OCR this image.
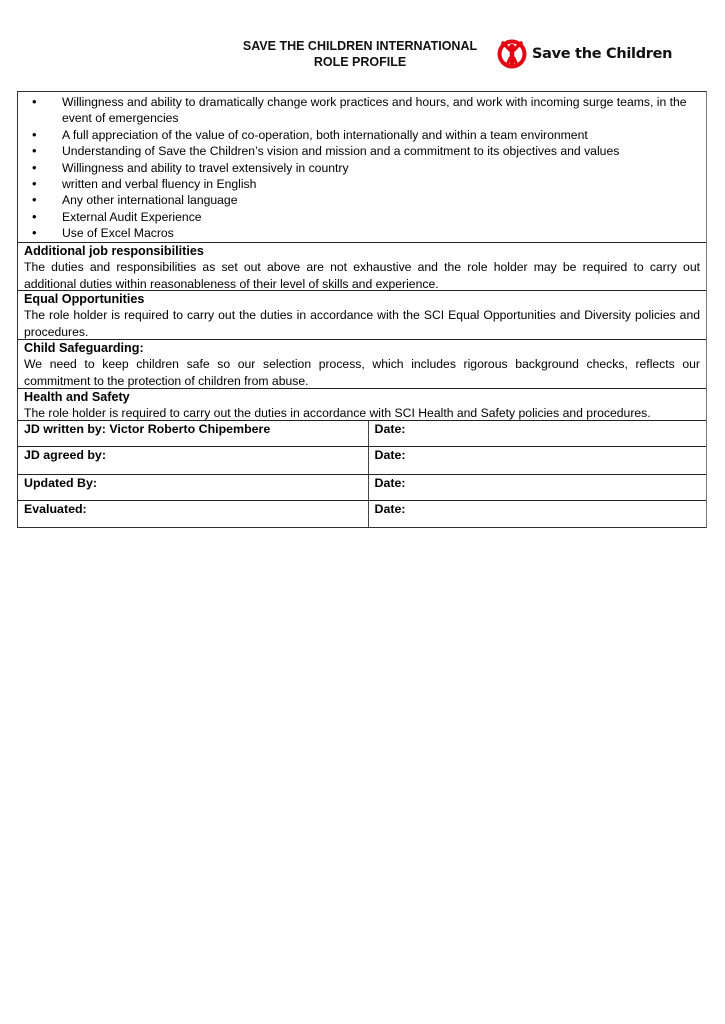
SAVE THE CHILDREN INTERNATIONAL
ROLE PROFILE	Save the Children
• Willingness and ability to dramatically change work practices and hours, and work with incoming surge teams, in the event of emergencies
• A full appreciation of the value of co-operation, both internationally and within a team environment
• Understanding of Save the Children’s vision and mission and a commitment to its objectives and values
• Willingness and ability to travel extensively in country
• written and verbal fluency in English
• Any other international language
• External Audit Experience
• Use of Excel Macros
Additional job responsibilities
The duties and responsibilities as set out above are not exhaustive and the role holder may be required to carry out additional duties within reasonableness of their level of skills and experience.
Equal Opportunities
The role holder is required to carry out the duties in accordance with the SCI Equal Opportunities and Diversity policies and procedures.
Child Safeguarding:
We need to keep children safe so our selection process, which includes rigorous background checks, reflects our commitment to the protection of children from abuse.
Health and Safety
The role holder is required to carry out the duties in accordance with SCI Health and Safety policies and procedures.
JD written by: Victor Roberto Chipembere	Date:
JD agreed by:	Date:
Updated By:	Date:
Evaluated:	Date:
